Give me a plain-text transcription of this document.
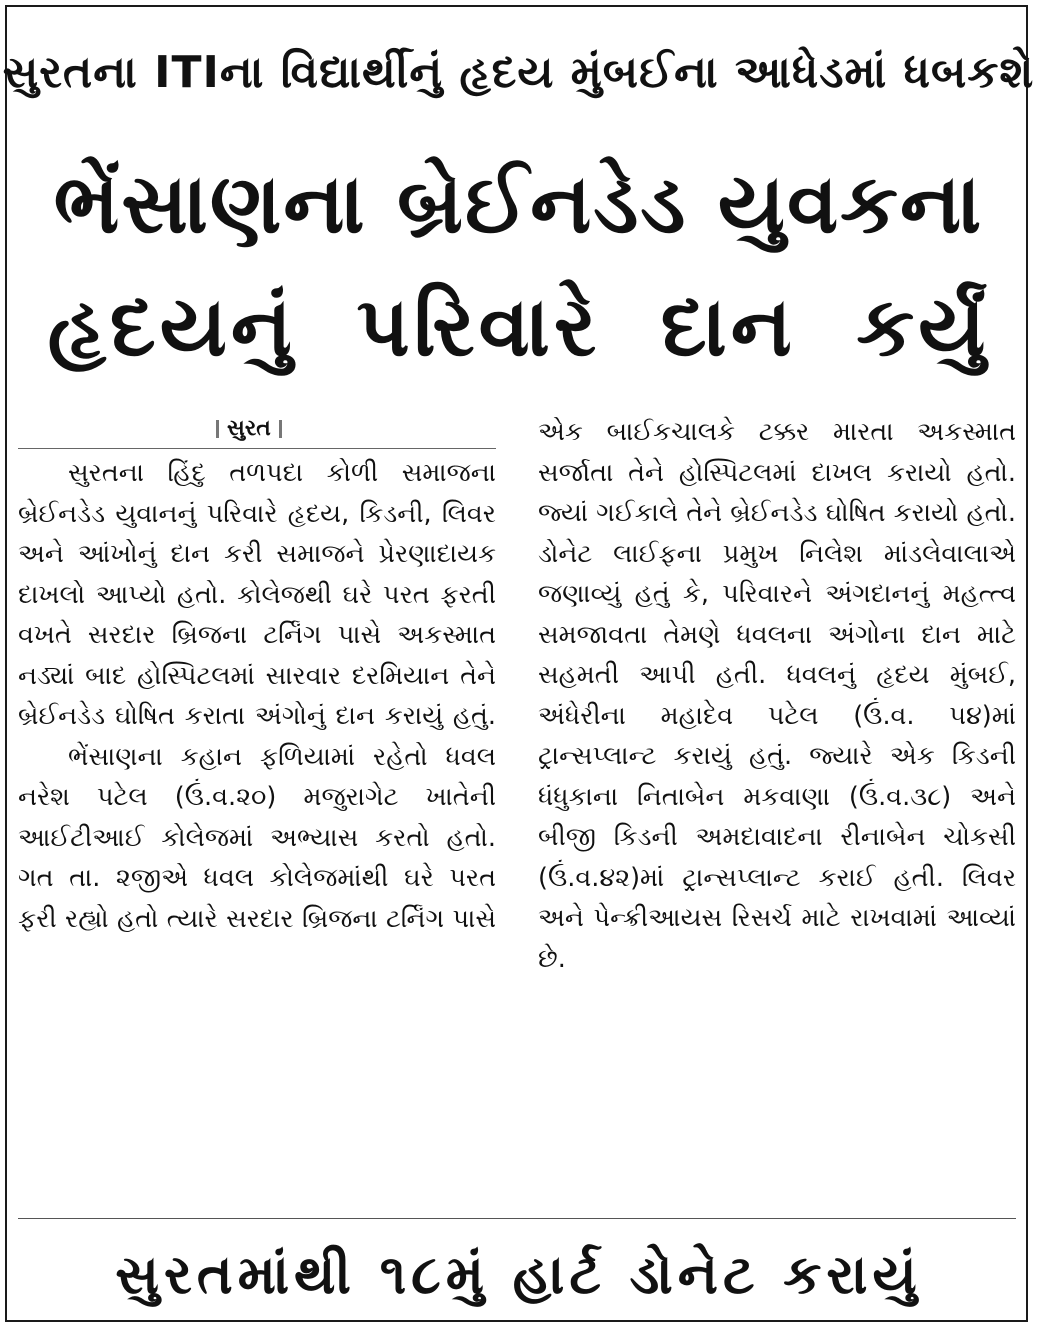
સુરતના ITIના વિદ્યાર્થીનું હૃદય મુંબઈના આધેડમાં ધબકશે
ભેંસાણના બ્રેઈનડેડ યુવકના
હૃદયનું પરિવારે દાન કર્યું
સુરત

સુરતના હિંદુ તળપદા કોળી સમાજના બ્રેઈનડેડ યુવાનનું પરિવારે હૃદય, કિડની, લિવર અને આંખોનું દાન કરી સમાજને પ્રેરણાદાયક દાખલો આપ્યો હતો. કોલેજથી ઘરે પરત ફરતી વખતે સરદાર બ્રિજના ટર્નિંગ પાસે અકસ્માત નડ્યાં બાદ હોસ્પિટલમાં સારવાર દરમિયાન તેને બ્રેઈનડેડ ઘોષિત કરાતા અંગોનું દાન કરાયું હતું.

ભેંસાણના કહાન ફળિયામાં રહેતો ધવલ નરેશ પટેલ (ઉં.વ.૨૦) મજુરાગેટ ખાતેની આઈટીઆઈ કોલેજમાં અભ્યાસ કરતો હતો. ગત તા. ૨જીએ ધવલ કોલેજમાંથી ઘરે પરત ફરી રહ્યો હતો ત્યારે સરદાર બ્રિજના ટર્નિંગ પાસે

એક બાઈકચાલકે ટક્કર મારતા અકસ્માત સર્જાતા તેને હોસ્પિટલમાં દાખલ કરાયો હતો. જ્યાં ગઈકાલે તેને બ્રેઈનડેડ ઘોષિત કરાયો હતો. ડોનેટ લાઈફના પ્રમુખ નિલેશ માંડલેવાલાએ જણાવ્યું હતું કે, પરિવારને અંગદાનનું મહત્ત્વ સમજાવતા તેમણે ધવલના અંગોના દાન માટે સહમતી આપી હતી. ધવલનું હૃદય મુંબઈ, અંધેરીના મહાદેવ પટેલ (ઉં.વ. ૫૪)માં ટ્રાન્સપ્લાન્ટ કરાયું હતું. જ્યારે એક કિડની ધંધુકાના નિતાબેન મકવાણા (ઉં.વ.૩૮) અને બીજી કિડની અમદાવાદના રીનાબેન ચોકસી (ઉં.વ.૪૨)માં ટ્રાન્સપ્લાન્ટ કરાઈ હતી. લિવર અને પેન્ક્રીઆયસ રિસર્ચ માટે રાખવામાં આવ્યાં છે.

સુરતમાંથી ૧૮મું હાર્ટ ડોનેટ કરાયું
